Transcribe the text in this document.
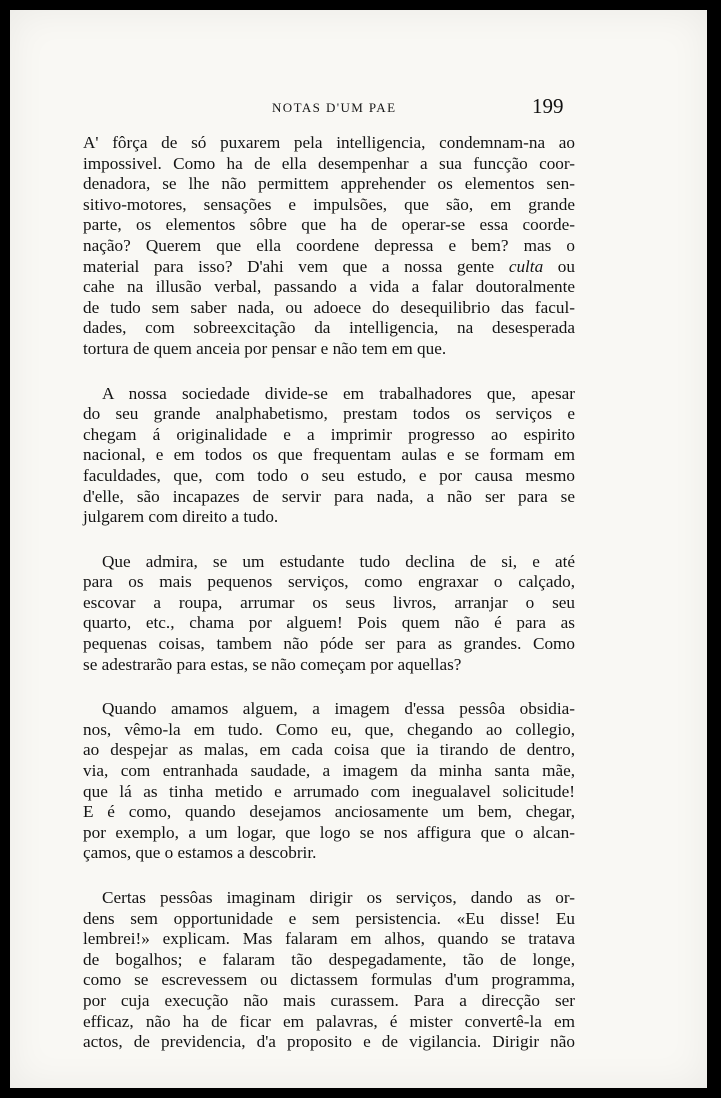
NOTAS D'UM PAE	199

A' fôrça de só puxarem pela intelligencia, condemnam-na ao
impossivel. Como ha de ella desempenhar a sua funcção coor-
denadora, se lhe não permittem apprehender os elementos sen-
sitivo-motores, sensações e impulsões, que são, em grande
parte, os elementos sôbre que ha de operar-se essa coorde-
nação? Querem que ella coordene depressa e bem? mas o
material para isso? D'ahi vem que a nossa gente culta ou
cahe na illusão verbal, passando a vida a falar doutoralmente
de tudo sem saber nada, ou adoece do desequilibrio das facul-
dades, com sobreexcitação da intelligencia, na desesperada
tortura de quem anceia por pensar e não tem em que.

A nossa sociedade divide-se em trabalhadores que, apesar
do seu grande analphabetismo, prestam todos os serviços e
chegam á originalidade e a imprimir progresso ao espirito
nacional, e em todos os que frequentam aulas e se formam em
faculdades, que, com todo o seu estudo, e por causa mesmo
d'elle, são incapazes de servir para nada, a não ser para se
julgarem com direito a tudo.

Que admira, se um estudante tudo declina de si, e até
para os mais pequenos serviços, como engraxar o calçado,
escovar a roupa, arrumar os seus livros, arranjar o seu
quarto, etc., chama por alguem! Pois quem não é para as
pequenas coisas, tambem não póde ser para as grandes. Como
se adestrarão para estas, se não começam por aquellas?

Quando amamos alguem, a imagem d'essa pessôa obsidia-
nos, vêmo-la em tudo. Como eu, que, chegando ao collegio,
ao despejar as malas, em cada coisa que ia tirando de dentro,
via, com entranhada saudade, a imagem da minha santa mãe,
que lá as tinha metido e arrumado com inegualavel solicitude!
E é como, quando desejamos anciosamente um bem, chegar,
por exemplo, a um logar, que logo se nos affigura que o alcan-
çamos, que o estamos a descobrir.

Certas pessôas imaginam dirigir os serviços, dando as or-
dens sem opportunidade e sem persistencia. «Eu disse! Eu
lembrei!» explicam. Mas falaram em alhos, quando se tratava
de bogalhos; e falaram tão despegadamente, tão de longe,
como se escrevessem ou dictassem formulas d'um programma,
por cuja execução não mais curassem. Para a direcção ser
efficaz, não ha de ficar em palavras, é mister convertê-la em
actos, de previdencia, d'a proposito e de vigilancia. Dirigir não
